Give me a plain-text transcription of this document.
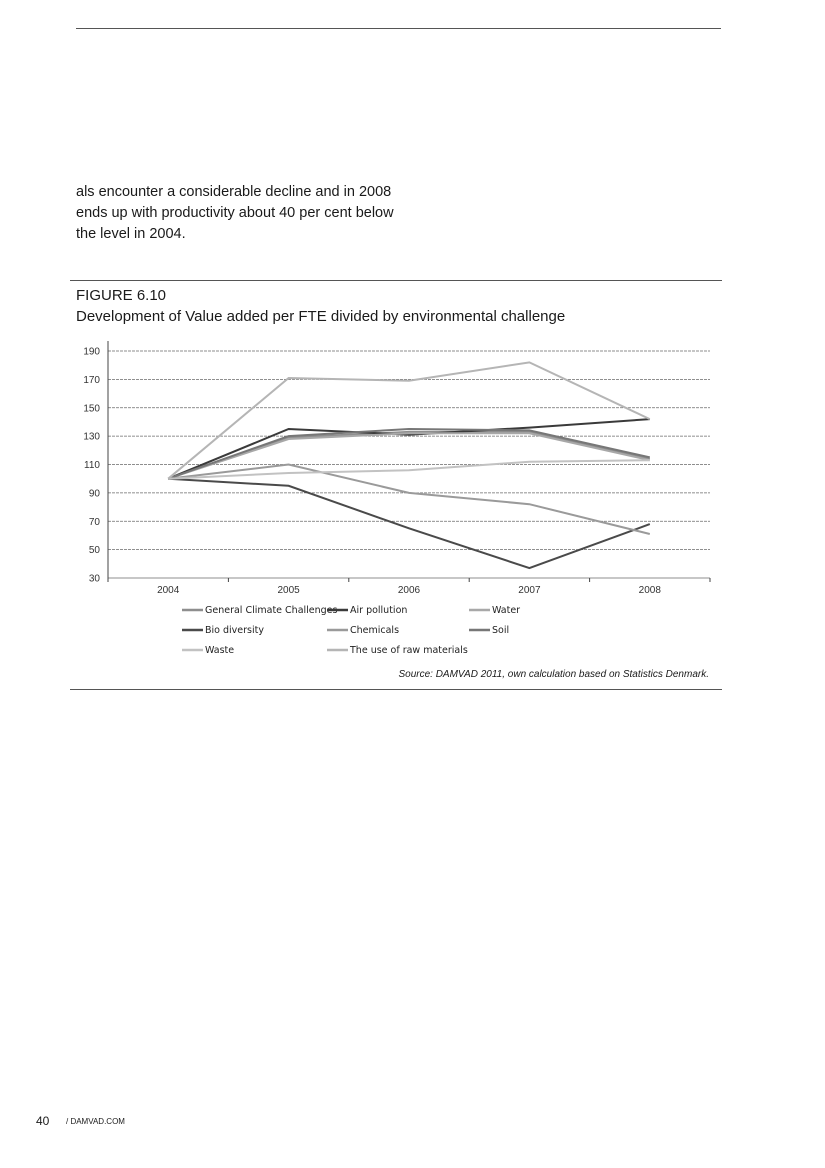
als encounter a considerable decline and in 2008
ends up with productivity about 40 per cent below
the level in 2004.

FIGURE 6.10
Development of Value added per FTE divided by environmental challenge
30
50
70
90
110
130
150
170
190
2004	2005	2006	2007	2008
General Climate Challenges Air pollution	Water
Bio diversity	Chemicals	Soil
Waste	The use of raw materials
Source: DAMVAD 2011, own calculation based on Statistics Denmark.
40 / DAMVAD.COM
